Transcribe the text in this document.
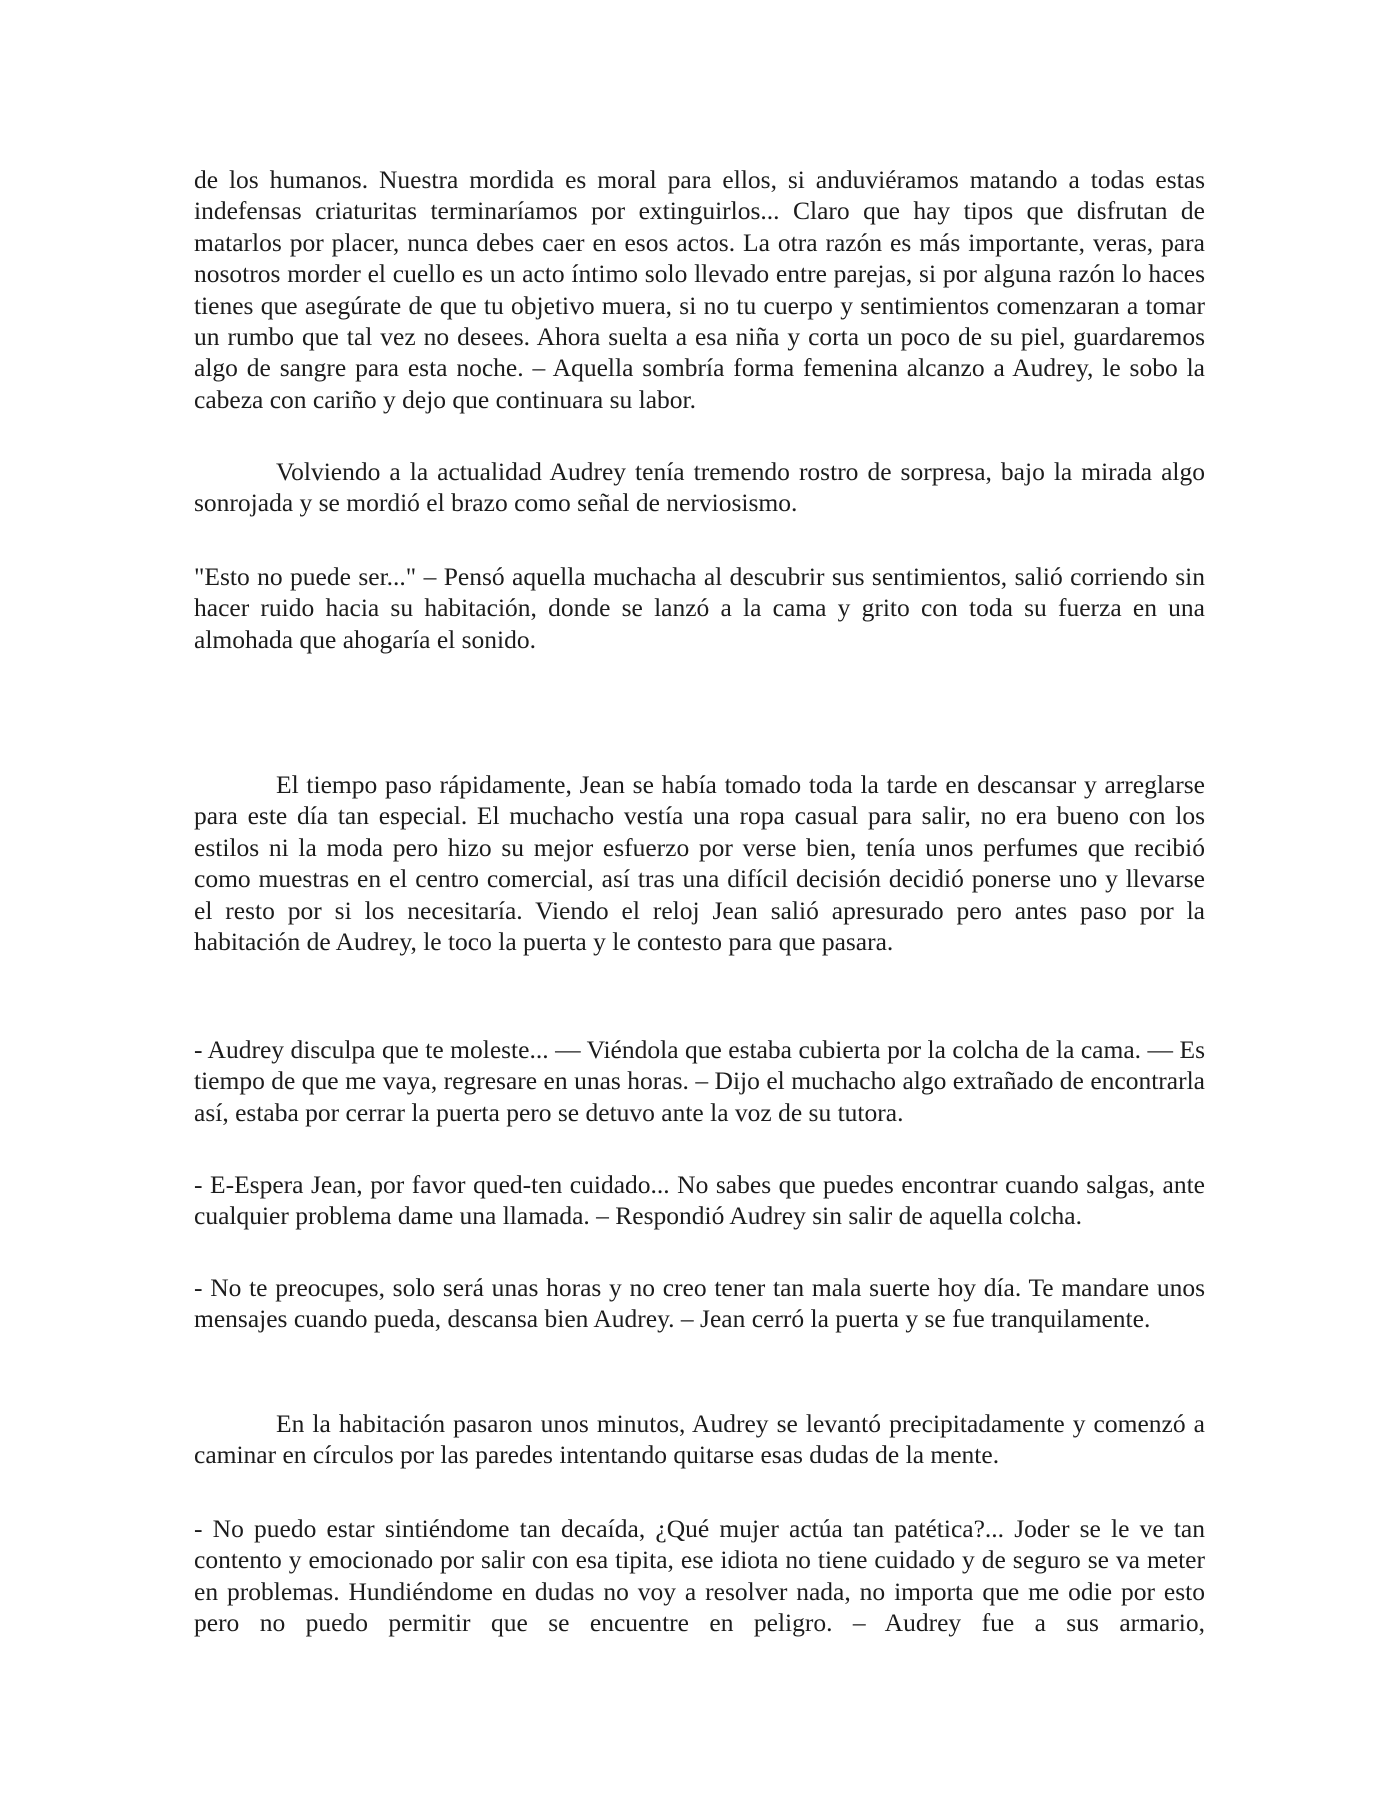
de los humanos. Nuestra mordida es moral para ellos, si anduviéramos matando a todas estas indefensas criaturitas terminaríamos por extinguirlos... Claro que hay tipos que disfrutan de matarlos por placer, nunca debes caer en esos actos. La otra razón es más importante, veras, para nosotros morder el cuello es un acto íntimo solo llevado entre parejas, si por alguna razón lo haces tienes que asegúrate de que tu objetivo muera, si no tu cuerpo y sentimientos comenzaran a tomar un rumbo que tal vez no desees. Ahora suelta a esa niña y corta un poco de su piel, guardaremos algo de sangre para esta noche. – Aquella sombría forma femenina alcanzo a Audrey, le sobo la cabeza con cariño y dejo que continuara su labor.

Volviendo a la actualidad Audrey tenía tremendo rostro de sorpresa, bajo la mirada algo sonrojada y se mordió el brazo como señal de nerviosismo.

"Esto no puede ser..." – Pensó aquella muchacha al descubrir sus sentimientos, salió corriendo sin hacer ruido hacia su habitación, donde se lanzó a la cama y grito con toda su fuerza en una almohada que ahogaría el sonido.

El tiempo paso rápidamente, Jean se había tomado toda la tarde en descansar y arreglarse para este día tan especial. El muchacho vestía una ropa casual para salir, no era bueno con los estilos ni la moda pero hizo su mejor esfuerzo por verse bien, tenía unos perfumes que recibió como muestras en el centro comercial, así tras una difícil decisión decidió ponerse uno y llevarse el resto por si los necesitaría. Viendo el reloj Jean salió apresurado pero antes paso por la habitación de Audrey, le toco la puerta y le contesto para que pasara.

- Audrey disculpa que te moleste... — Viéndola que estaba cubierta por la colcha de la cama. — Es tiempo de que me vaya, regresare en unas horas. – Dijo el muchacho algo extrañado de encontrarla así, estaba por cerrar la puerta pero se detuvo ante la voz de su tutora.

- E-Espera Jean, por favor qued-ten cuidado... No sabes que puedes encontrar cuando salgas, ante cualquier problema dame una llamada. – Respondió Audrey sin salir de aquella colcha.

- No te preocupes, solo será unas horas y no creo tener tan mala suerte hoy día. Te mandare unos mensajes cuando pueda, descansa bien Audrey. – Jean cerró la puerta y se fue tranquilamente.

En la habitación pasaron unos minutos, Audrey se levantó precipitadamente y comenzó a caminar en círculos por las paredes intentando quitarse esas dudas de la mente.

- No puedo estar sintiéndome tan decaída, ¿Qué mujer actúa tan patética?... Joder se le ve tan contento y emocionado por salir con esa tipita, ese idiota no tiene cuidado y de seguro se va meter en problemas. Hundiéndome en dudas no voy a resolver nada, no importa que me odie por esto pero no puedo permitir que se encuentre en peligro. – Audrey fue a sus armario,
